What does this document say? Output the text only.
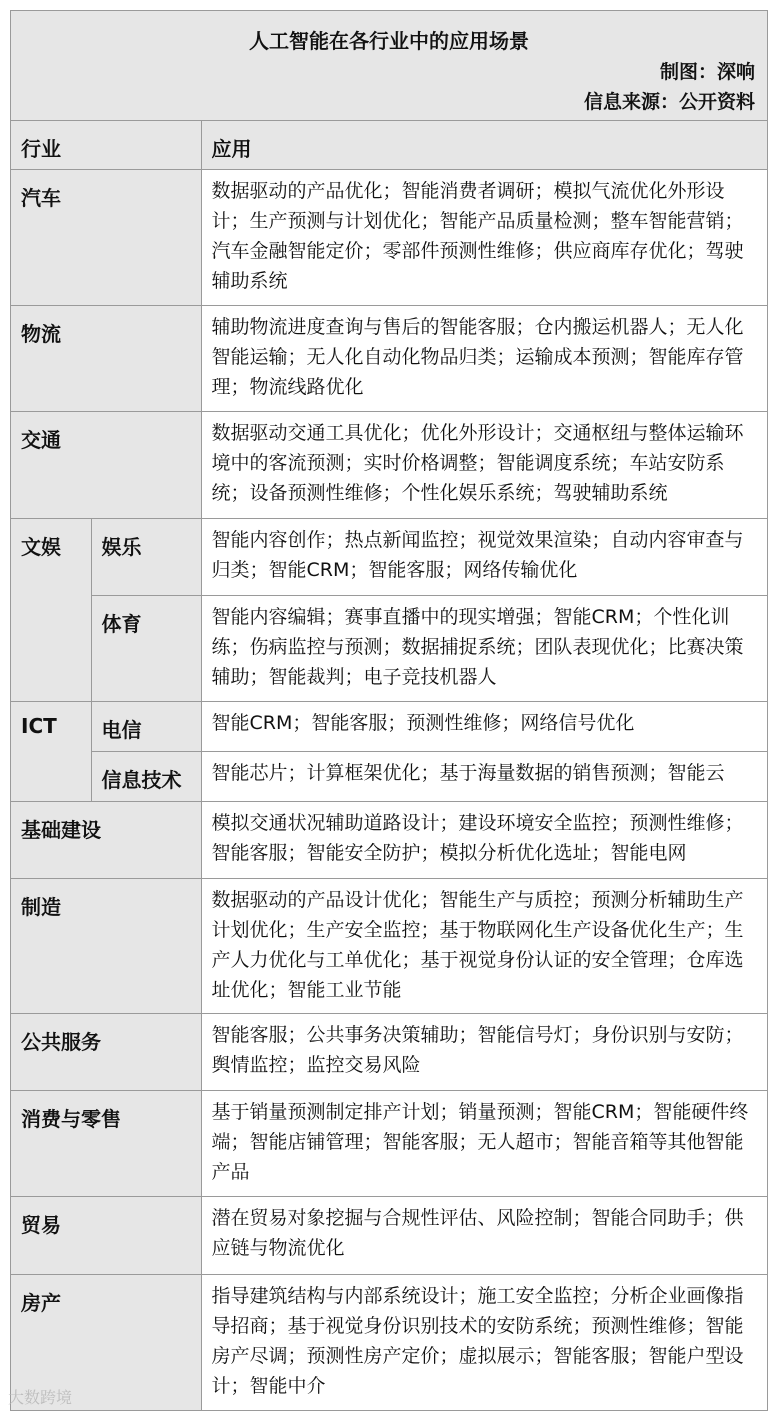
人工智能在各行业中的应用场景
制图：深响
信息来源：公开资料
行业		应用
汽车		数据驱动的产品优化；智能消费者调研；模拟气流优化外形设计；生产预测与计划优化；智能产品质量检测；整车智能营销；汽车金融智能定价；零部件预测性维修；供应商库存优化；驾驶辅助系统
物流		辅助物流进度查询与售后的智能客服；仓内搬运机器人；无人化智能运输；无人化自动化物品归类；运输成本预测；智能库存管理；物流线路优化
交通		数据驱动交通工具优化；优化外形设计；交通枢纽与整体运输环境中的客流预测；实时价格调整；智能调度系统；车站安防系统；设备预测性维修；个性化娱乐系统；驾驶辅助系统
文娱	娱乐	智能内容创作；热点新闻监控；视觉效果渲染；自动内容审查与归类；智能CRM；智能客服；网络传输优化
	体育	智能内容编辑；赛事直播中的现实增强；智能CRM；个性化训练；伤病监控与预测；数据捕捉系统；团队表现优化；比赛决策辅助；智能裁判；电子竞技机器人
ICT	电信	智能CRM；智能客服；预测性维修；网络信号优化
	信息技术	智能芯片；计算框架优化；基于海量数据的销售预测；智能云
基础建设		模拟交通状况辅助道路设计；建设环境安全监控；预测性维修；智能客服；智能安全防护；模拟分析优化选址；智能电网
制造		数据驱动的产品设计优化；智能生产与质控；预测分析辅助生产计划优化；生产安全监控；基于物联网化生产设备优化生产；生产人力优化与工单优化；基于视觉身份认证的安全管理；仓库选址优化；智能工业节能
公共服务		智能客服；公共事务决策辅助；智能信号灯；身份识别与安防；舆情监控；监控交易风险
消费与零售		基于销量预测制定排产计划；销量预测；智能CRM；智能硬件终端；智能店铺管理；智能客服；无人超市；智能音箱等其他智能产品
贸易		潜在贸易对象挖掘与合规性评估、风险控制；智能合同助手；供应链与物流优化
房产		指导建筑结构与内部系统设计；施工安全监控；分析企业画像指导招商；基于视觉身份识别技术的安防系统；预测性维修；智能房产尽调；预测性房产定价；虚拟展示；智能客服；智能户型设计；智能中介
大数跨境
